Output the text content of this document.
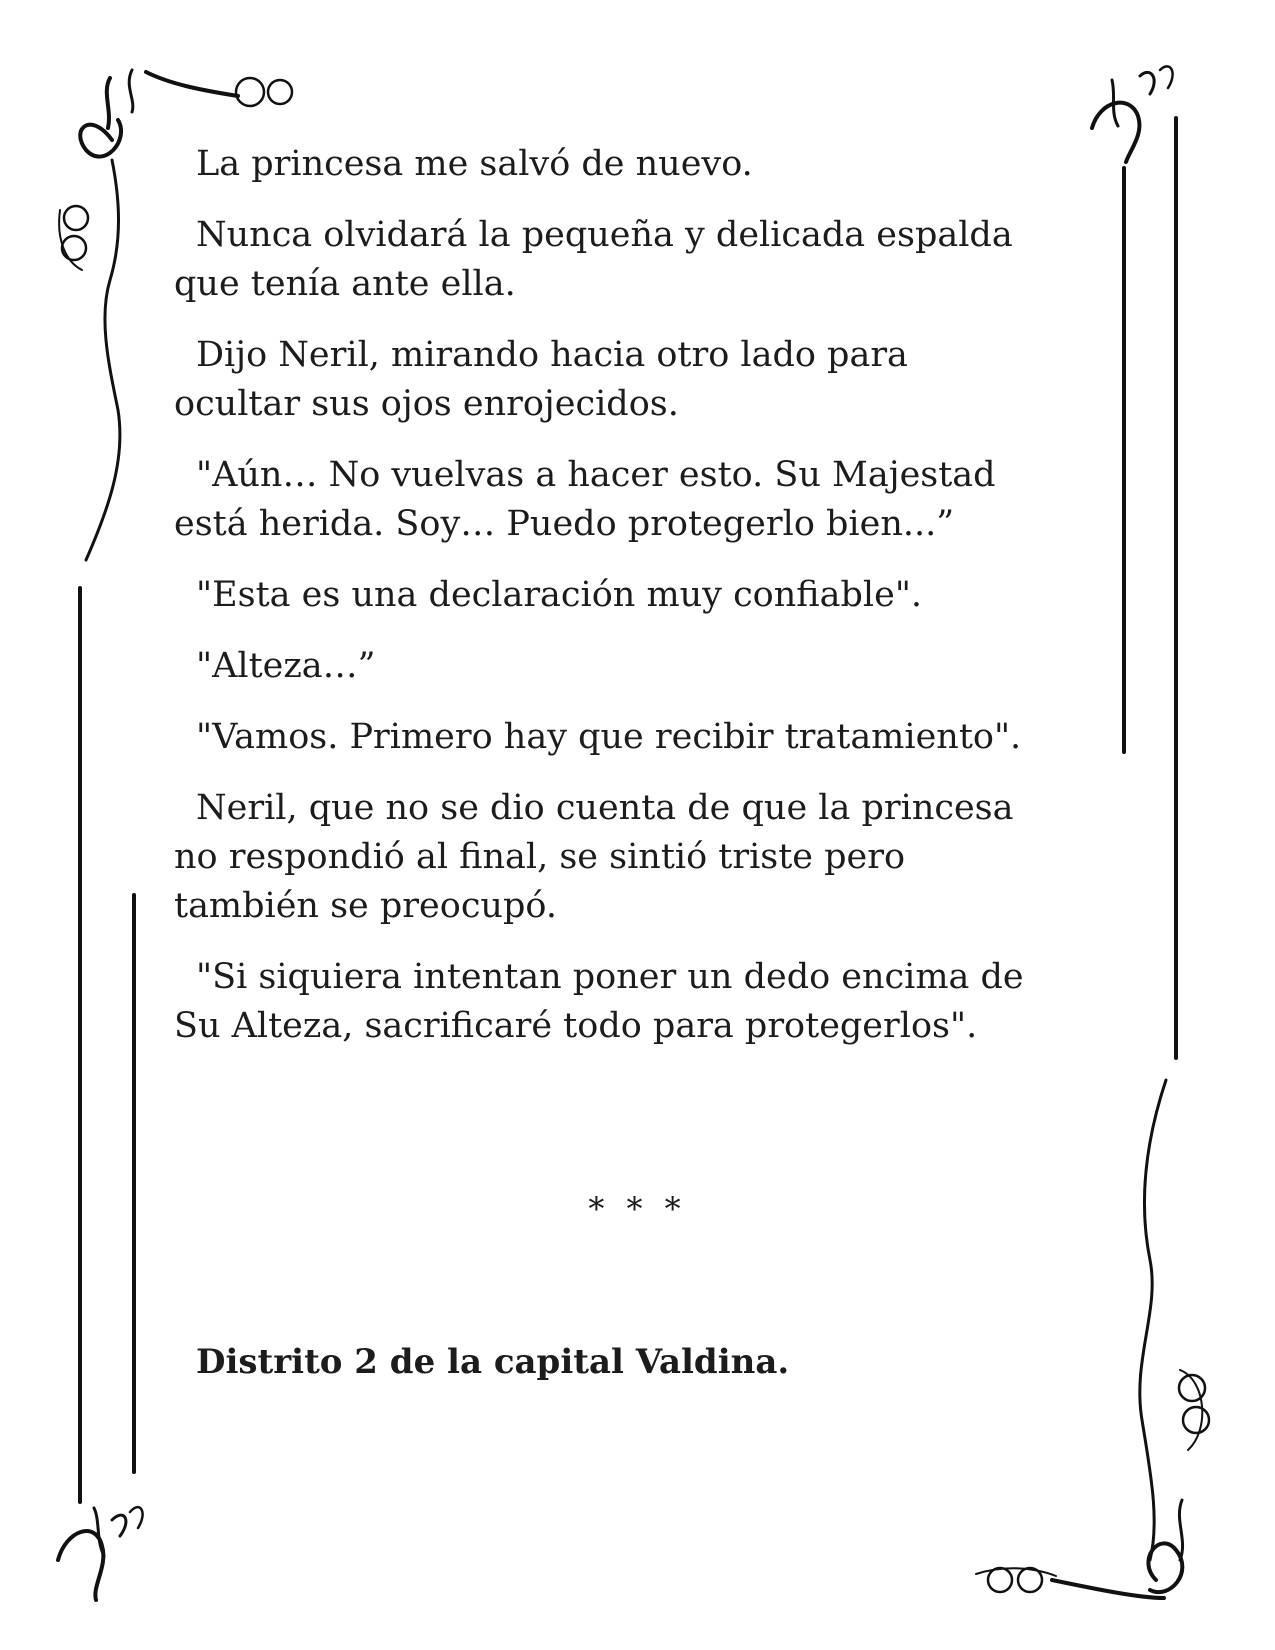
La princesa me salvó de nuevo.

Nunca olvidará la pequeña y delicada espalda
que tenía ante ella.

Dijo Neril, mirando hacia otro lado para
ocultar sus ojos enrojecidos.

"Aún… No vuelvas a hacer esto. Su Majestad
está herida. Soy… Puedo protegerlo bien...”

"Esta es una declaración muy confiable".

"Alteza…”

"Vamos. Primero hay que recibir tratamiento".

Neril, que no se dio cuenta de que la princesa
no respondió al final, se sintió triste pero
también se preocupó.

"Si siquiera intentan poner un dedo encima de
Su Alteza, sacrificaré todo para protegerlos".

* * *
Distrito 2 de la capital Valdina.
